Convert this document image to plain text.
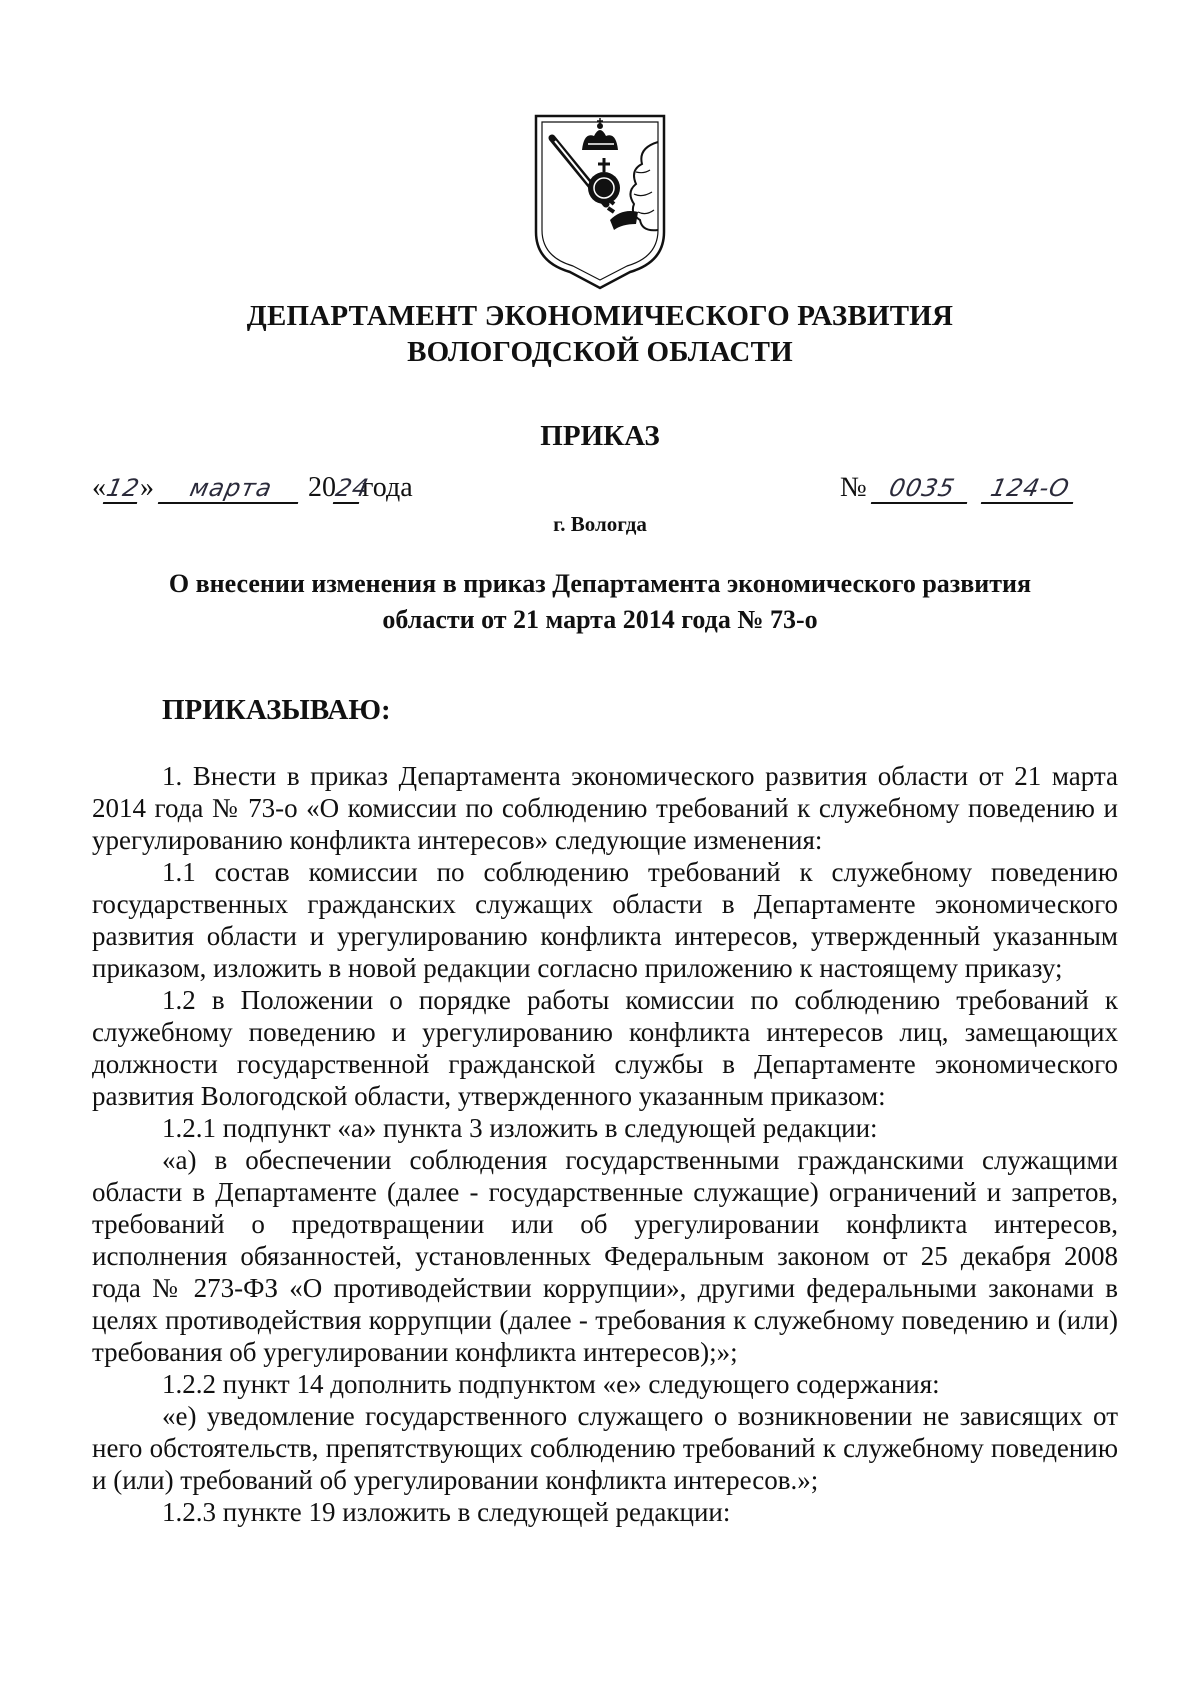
ДЕПАРТАМЕНТ ЭКОНОМИЧЕСКОГО РАЗВИТИЯ
ВОЛОГОДСКОЙ ОБЛАСТИ
ПРИКАЗ
«12» марта 2024года	№ 0035 124-О
г. Вологда
О внесении изменения в приказ Департамента экономического развития
области от 21 марта 2014 года № 73-о
ПРИКАЗЫВАЮ:

1. Внести в приказ Департамента экономического развития области от 21 марта 2014 года № 73-о «О комиссии по соблюдению требований к служебному поведению и урегулированию конфликта интересов» следующие изменения:

1.1 состав комиссии по соблюдению требований к служебному поведению государственных гражданских служащих области в Департаменте экономического развития области и урегулированию конфликта интересов, утвержденный указанным приказом, изложить в новой редакции согласно приложению к настоящему приказу;

1.2 в Положении о порядке работы комиссии по соблюдению требований к служебному поведению и урегулированию конфликта интересов лиц, замещающих должности государственной гражданской службы в Департаменте экономического развития Вологодской области, утвержденного указанным приказом:

1.2.1 подпункт «а» пункта 3 изложить в следующей редакции:

«а) в обеспечении соблюдения государственными гражданскими служащими области в Департаменте (далее - государственные служащие) ограничений и запретов, требований о предотвращении или об урегулировании конфликта интересов, исполнения обязанностей, установленных Федеральным законом от 25 декабря 2008 года № 273-ФЗ «О противодействии коррупции», другими федеральными законами в целях противодействия коррупции (далее - требования к служебному поведению и (или) требования об урегулировании конфликта интересов);»;

1.2.2 пункт 14 дополнить подпунктом «е» следующего содержания:

«е) уведомление государственного служащего о возникновении не зависящих от него обстоятельств, препятствующих соблюдению требований к служебному поведению и (или) требований об урегулировании конфликта интересов.»;

1.2.3 пункте 19 изложить в следующей редакции:
